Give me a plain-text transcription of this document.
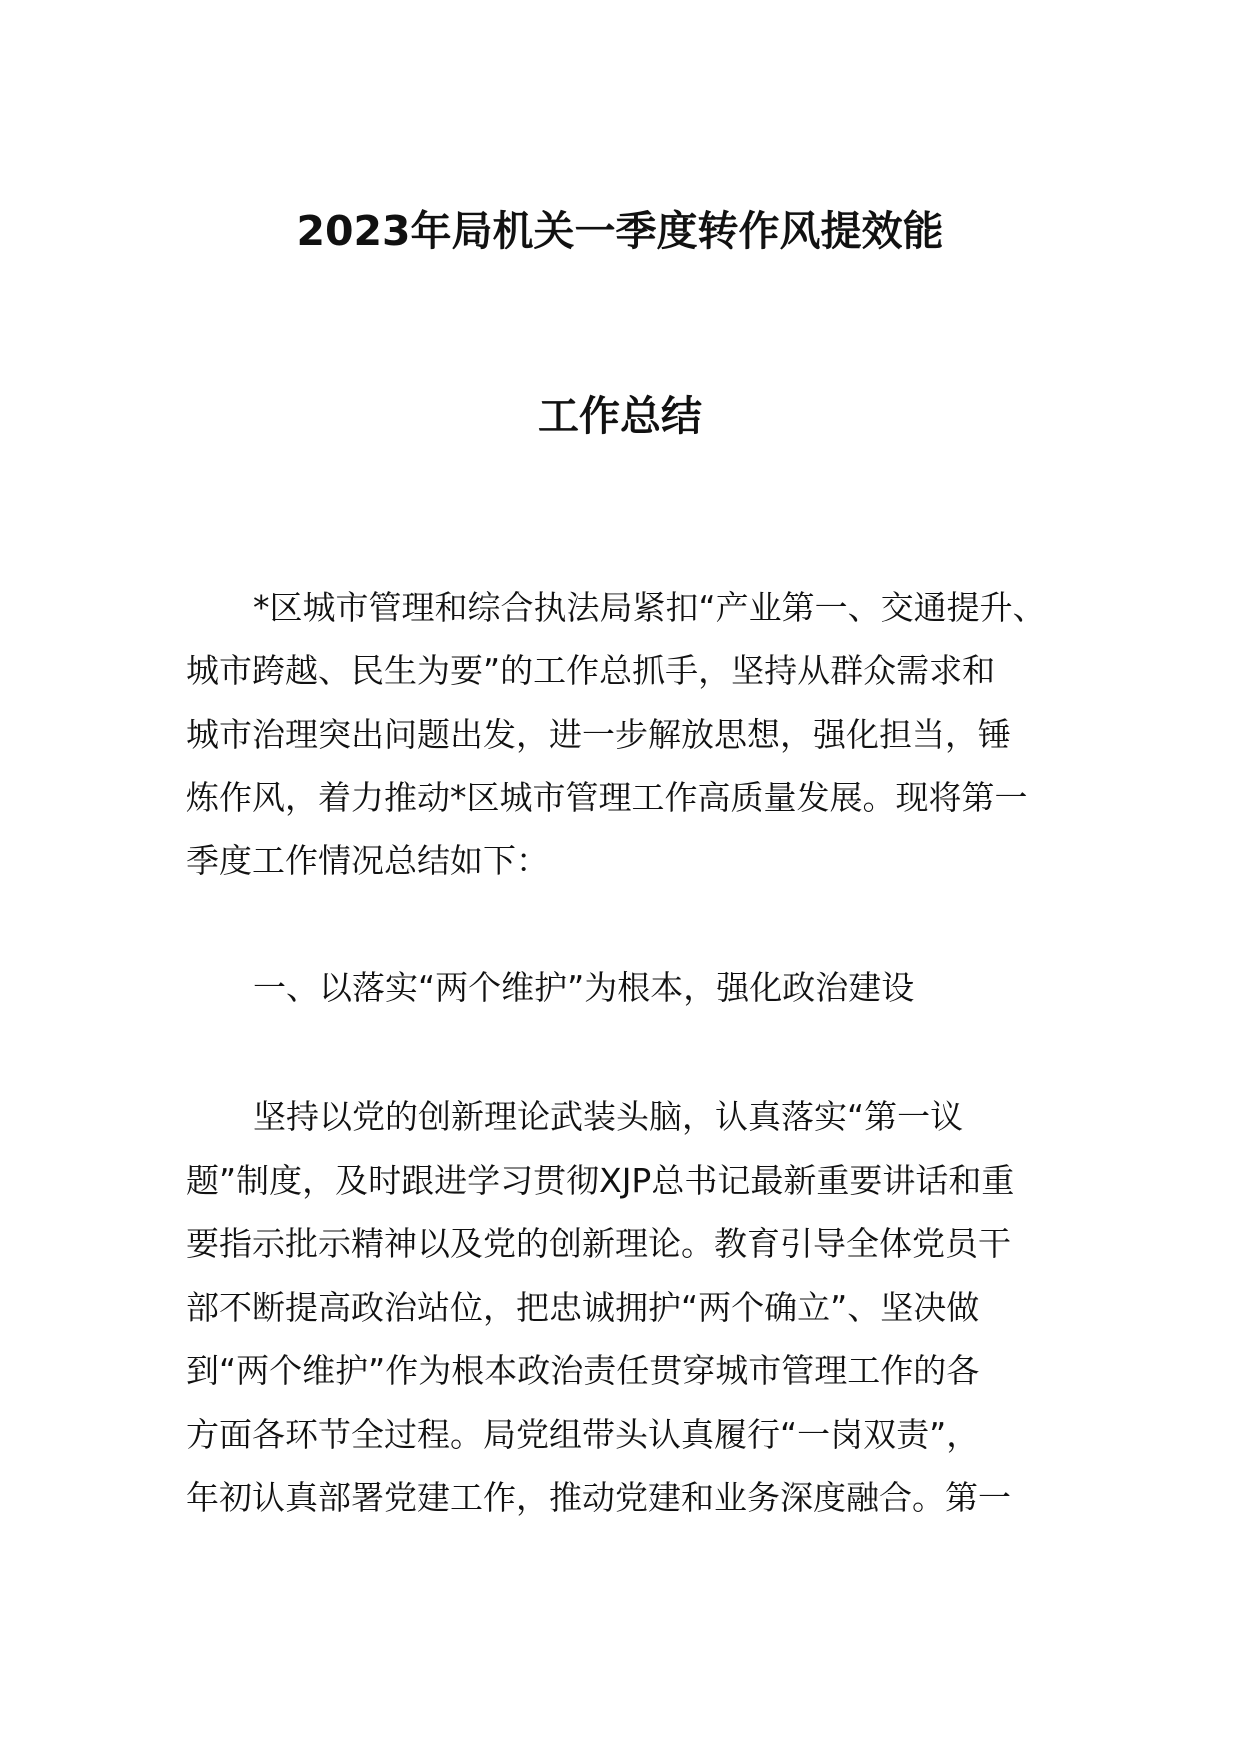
2023年局机关一季度转作风提效能
工作总结
*区城市管理和综合执法局紧扣“产业第一、交通提升、
城市跨越、民生为要”的工作总抓手，坚持从群众需求和
城市治理突出问题出发，进一步解放思想，强化担当，锤
炼作风，着力推动*区城市管理工作高质量发展。现将第一
季度工作情况总结如下：
一、以落实“两个维护”为根本，强化政治建设
坚持以党的创新理论武装头脑，认真落实“第一议
题”制度，及时跟进学习贯彻XJP总书记最新重要讲话和重
要指示批示精神以及党的创新理论。教育引导全体党员干
部不断提高政治站位，把忠诚拥护“两个确立”、坚决做
到“两个维护”作为根本政治责任贯穿城市管理工作的各
方面各环节全过程。局党组带头认真履行“一岗双责”，
年初认真部署党建工作，推动党建和业务深度融合。第一
